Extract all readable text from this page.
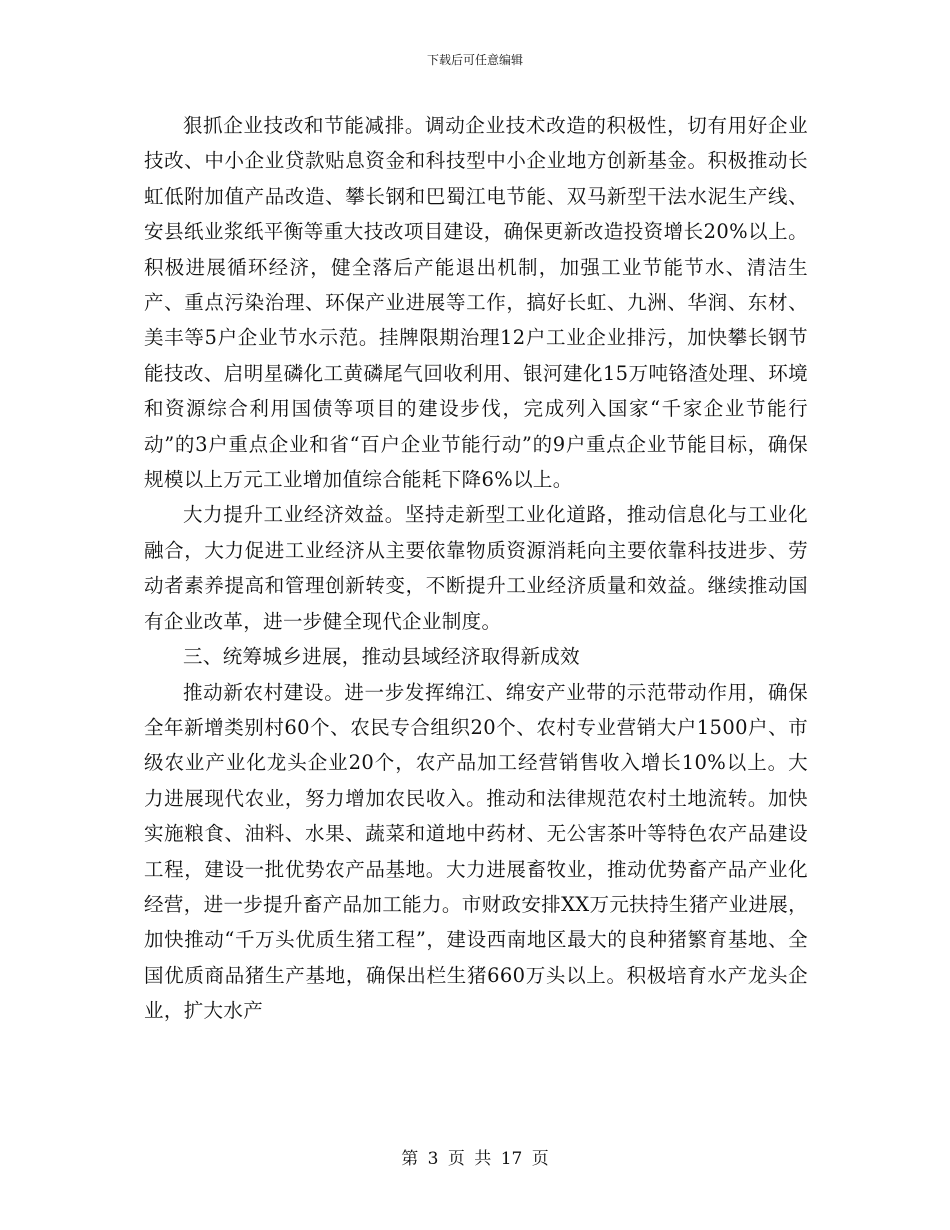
下载后可任意编辑

狠抓企业技改和节能减排。调动企业技术改造的积极性，切有用好企业技改、中小企业贷款贴息资金和科技型中小企业地方创新基金。积极推动长虹低附加值产品改造、攀长钢和巴蜀江电节能、双马新型干法水泥生产线、安县纸业浆纸平衡等重大技改项目建设，确保更新改造投资增长20%以上。积极进展循环经济，健全落后产能退出机制，加强工业节能节水、清洁生产、重点污染治理、环保产业进展等工作，搞好长虹、九洲、华润、东材、美丰等5户企业节水示范。挂牌限期治理12户工业企业排污，加快攀长钢节能技改、启明星磷化工黄磷尾气回收利用、银河建化15万吨铬渣处理、环境和资源综合利用国债等项目的建设步伐，完成列入国家“千家企业节能行动”的3户重点企业和省“百户企业节能行动”的9户重点企业节能目标，确保规模以上万元工业增加值综合能耗下降6%以上。

大力提升工业经济效益。坚持走新型工业化道路，推动信息化与工业化融合，大力促进工业经济从主要依靠物质资源消耗向主要依靠科技进步、劳动者素养提高和管理创新转变，不断提升工业经济质量和效益。继续推动国有企业改革，进一步健全现代企业制度。

三、统筹城乡进展，推动县域经济取得新成效

推动新农村建设。进一步发挥绵江、绵安产业带的示范带动作用，确保全年新增类别村60个、农民专合组织20个、农村专业营销大户1500户、市级农业产业化龙头企业20个，农产品加工经营销售收入增长10%以上。大力进展现代农业，努力增加农民收入。推动和法律规范农村土地流转。加快实施粮食、油料、水果、蔬菜和道地中药材、无公害茶叶等特色农产品建设工程，建设一批优势农产品基地。大力进展畜牧业，推动优势畜产品产业化经营，进一步提升畜产品加工能力。市财政安排XX万元扶持生猪产业进展，加快推动“千万头优质生猪工程”，建设西南地区最大的良种猪繁育基地、全国优质商品猪生产基地，确保出栏生猪660万头以上。积极培育水产龙头企业，扩大水产

第 3 页 共 17 页
